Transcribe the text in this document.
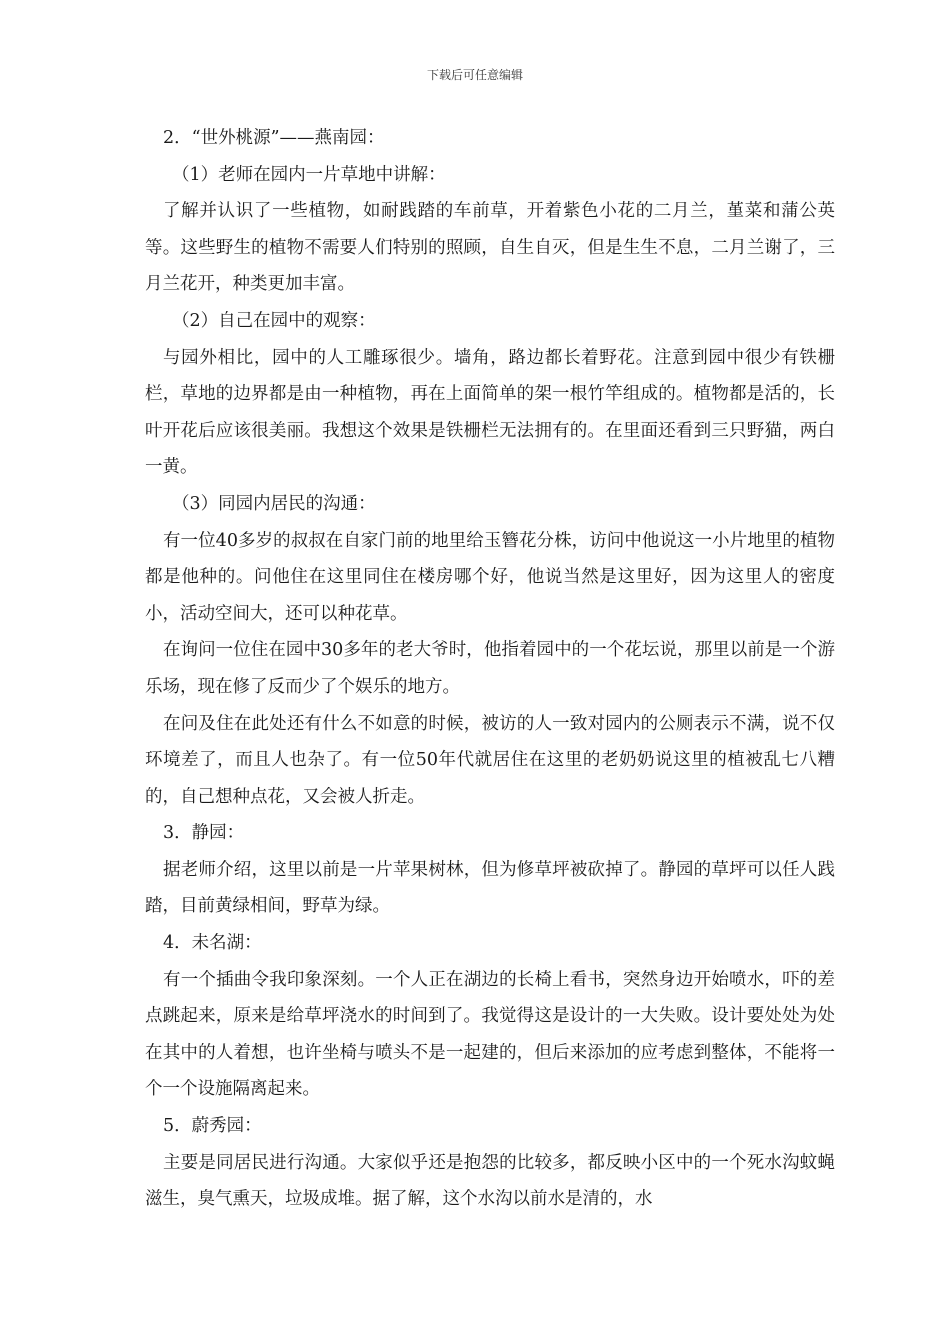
下载后可任意编辑

2．“世外桃源”——燕南园：

（1）老师在园内一片草地中讲解：

了解并认识了一些植物，如耐践踏的车前草，开着紫色小花的二月兰，堇菜和蒲公英等。这些野生的植物不需要人们特别的照顾，自生自灭，但是生生不息，二月兰谢了，三月兰花开，种类更加丰富。

（2）自己在园中的观察：

与园外相比，园中的人工雕琢很少。墙角，路边都长着野花。注意到园中很少有铁栅栏，草地的边界都是由一种植物，再在上面简单的架一根竹竿组成的。植物都是活的，长叶开花后应该很美丽。我想这个效果是铁栅栏无法拥有的。在里面还看到三只野猫，两白一黄。

（3）同园内居民的沟通：

有一位40多岁的叔叔在自家门前的地里给玉簪花分株，访问中他说这一小片地里的植物都是他种的。问他住在这里同住在楼房哪个好，他说当然是这里好，因为这里人的密度小，活动空间大，还可以种花草。

在询问一位住在园中30多年的老大爷时，他指着园中的一个花坛说，那里以前是一个游乐场，现在修了反而少了个娱乐的地方。

在问及住在此处还有什么不如意的时候，被访的人一致对园内的公厕表示不满，说不仅环境差了，而且人也杂了。有一位50年代就居住在这里的老奶奶说这里的植被乱七八糟的，自己想种点花，又会被人折走。

3．静园：

据老师介绍，这里以前是一片苹果树林，但为修草坪被砍掉了。静园的草坪可以任人践踏，目前黄绿相间，野草为绿。

4．未名湖：

有一个插曲令我印象深刻。一个人正在湖边的长椅上看书，突然身边开始喷水，吓的差点跳起来，原来是给草坪浇水的时间到了。我觉得这是设计的一大失败。设计要处处为处在其中的人着想，也许坐椅与喷头不是一起建的，但后来添加的应考虑到整体，不能将一个一个设施隔离起来。

5．蔚秀园：

主要是同居民进行沟通。大家似乎还是抱怨的比较多，都反映小区中的一个死水沟蚊蝇滋生，臭气熏天，垃圾成堆。据了解，这个水沟以前水是清的，水
